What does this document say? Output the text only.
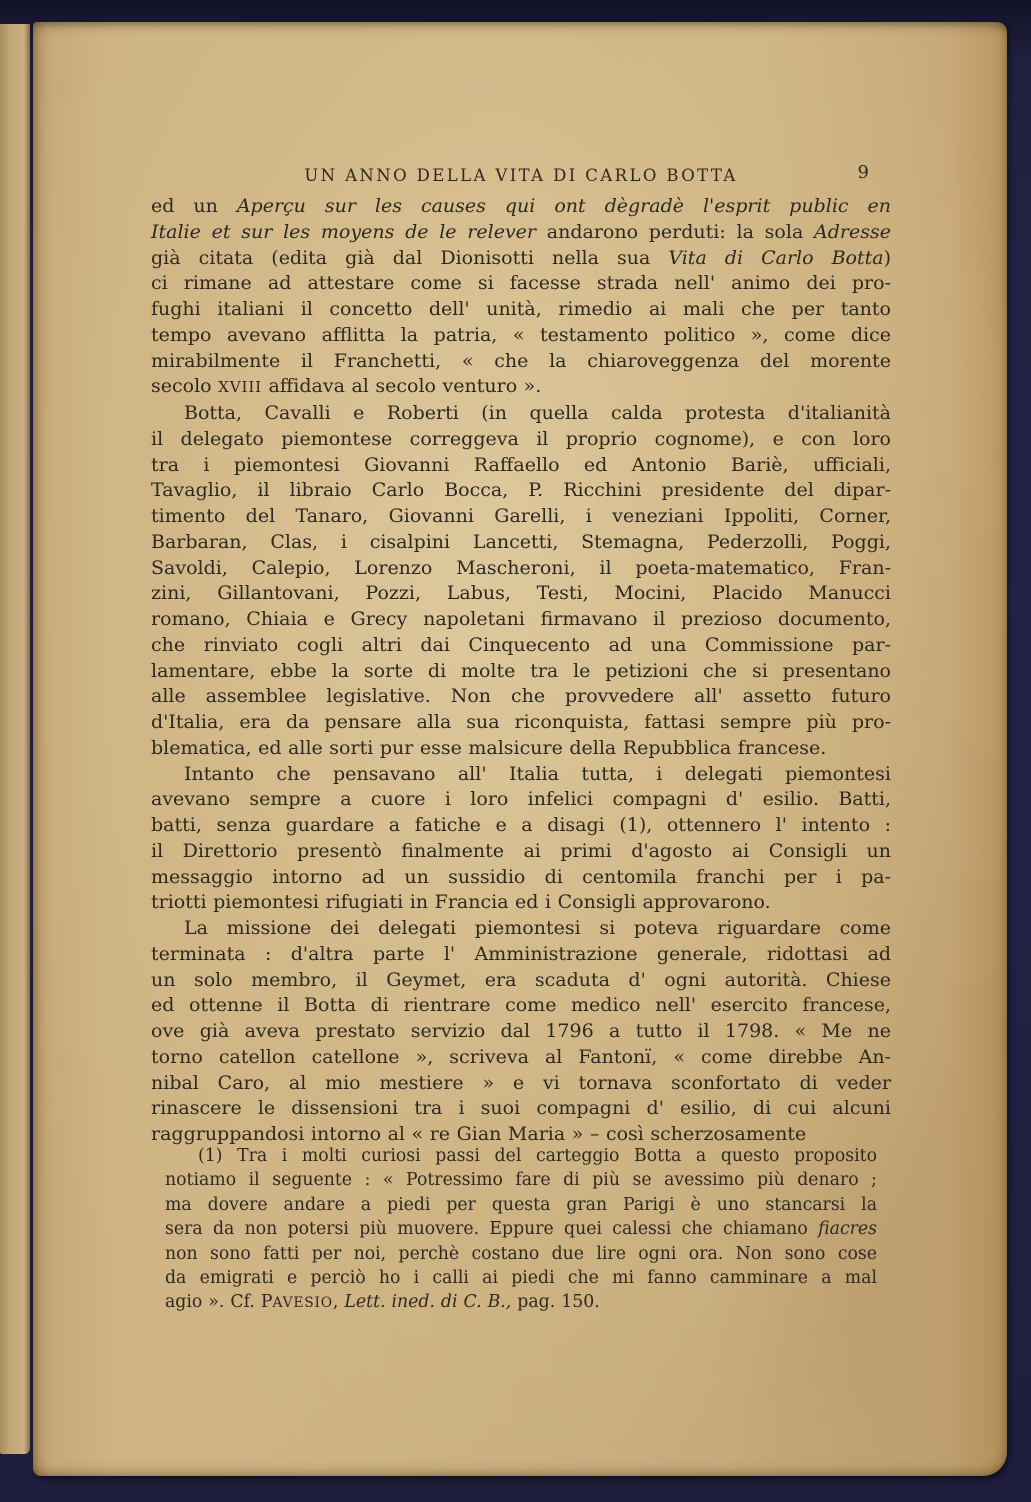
UN ANNO DELLA VITA DI CARLO BOTTA	9
ed un Aperçu sur les causes qui ont dègradè l'esprit public en
Italie et sur les moyens de le relever andarono perduti: la sola Adresse
già citata (edita già dal Dionisotti nella sua Vita di Carlo Botta)
ci rimane ad attestare come si facesse strada nell' animo dei pro-
fughi italiani il concetto dell' unità, rimedio ai mali che per tanto
tempo avevano afflitta la patria, « testamento politico », come dice
mirabilmente il Franchetti, « che la chiaroveggenza del morente
secolo XVIII affidava al secolo venturo ».
Botta, Cavalli e Roberti (in quella calda protesta d'italianità
il delegato piemontese correggeva il proprio cognome), e con loro
tra i piemontesi Giovanni Raffaello ed Antonio Bariè, ufficiali,
Tavaglio, il libraio Carlo Bocca, P. Ricchini presidente del dipar-
timento del Tanaro, Giovanni Garelli, i veneziani Ippoliti, Corner,
Barbaran, Clas, i cisalpini Lancetti, Stemagna, Pederzolli, Poggi,
Savoldi, Calepio, Lorenzo Mascheroni, il poeta-matematico, Fran-
zini, Gillantovani, Pozzi, Labus, Testi, Mocini, Placido Manucci
romano, Chiaia e Grecy napoletani firmavano il prezioso documento,
che rinviato cogli altri dai Cinquecento ad una Commissione par-
lamentare, ebbe la sorte di molte tra le petizioni che si presentano
alle assemblee legislative. Non che provvedere all' assetto futuro
d'Italia, era da pensare alla sua riconquista, fattasi sempre più pro-
blematica, ed alle sorti pur esse malsicure della Repubblica francese.
Intanto che pensavano all' Italia tutta, i delegati piemontesi
avevano sempre a cuore i loro infelici compagni d' esilio. Batti,
batti, senza guardare a fatiche e a disagi (1), ottennero l' intento :
il Direttorio presentò finalmente ai primi d'agosto ai Consigli un
messaggio intorno ad un sussidio di centomila franchi per i pa-
triotti piemontesi rifugiati in Francia ed i Consigli approvarono.
La missione dei delegati piemontesi si poteva riguardare come
terminata : d'altra parte l' Amministrazione generale, ridottasi ad
un solo membro, il Geymet, era scaduta d' ogni autorità. Chiese
ed ottenne il Botta di rientrare come medico nell' esercito francese,
ove già aveva prestato servizio dal 1796 a tutto il 1798. « Me ne
torno catellon catellone », scriveva al Fantonï, « come direbbe An-
nibal Caro, al mio mestiere » e vi tornava sconfortato di veder
rinascere le dissensioni tra i suoi compagni d' esilio, di cui alcuni
raggruppandosi intorno al « re Gian Maria » – così scherzosamente
(1) Tra i molti curiosi passi del carteggio Botta a questo proposito
notiamo il seguente : « Potressimo fare di più se avessimo più denaro ;
ma dovere andare a piedi per questa gran Parigi è uno stancarsi la
sera da non potersi più muovere. Eppure quei calessi che chiamano fiacres
non sono fatti per noi, perchè costano due lire ogni ora. Non sono cose
da emigrati e perciò ho i calli ai piedi che mi fanno camminare a mal
agio ». Cf. PAVESIO, Lett. ined. di C. B., pag. 150.
